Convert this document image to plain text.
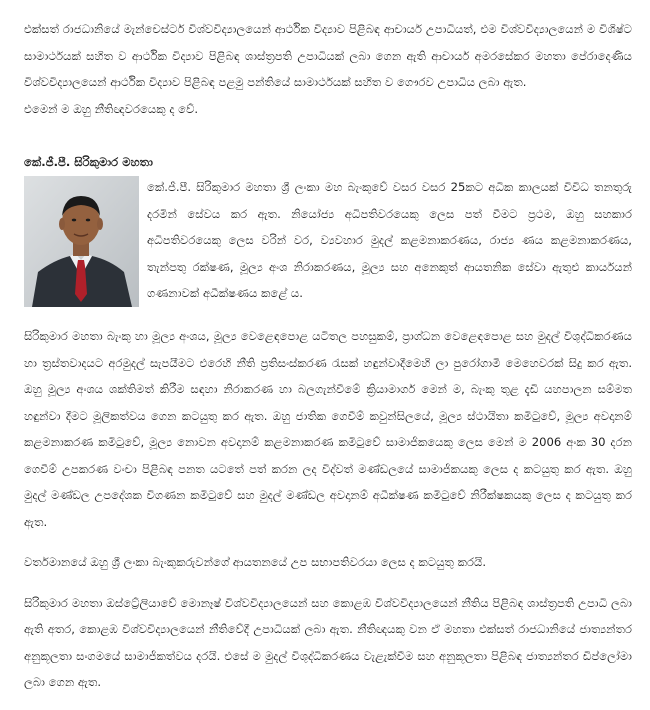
එක්සත් රාජධානියේ මැන්චෙස්ටර් විශ්වවිද්‍යාලයෙන් ආර්ථික විද්‍යාව පිළිබඳ ආචාර්ය උපාධියත්, එම විශ්වවිද්‍යාලයෙන් ම විශිෂ්ට සාමාර්ථයක් සහිත ව ආර්ථික විද්‍යාව පිළිබඳ ශාස්ත්‍රපති උපාධියක් ලබා ගෙන ඇති ආචාර්ය අමරසේකර මහතා පේරාදෙණිය විශ්වවිද්‍යාලයෙන් ආර්ථික විද්‍යාව පිළිබඳ පළමු පන්තියේ සාමාර්ථයක් සහිත ව ගෞරව උපාධිය ලබා ඇත.

එමෙන් ම ඔහු නීතිඥවරයෙකු ද වේ.

කේ.ජී.පී. සිරිකුමාර මහතා

කේ.ජී.පී. සිරිකුමාර මහතා ශ්‍රී ලංකා මහ බැංකුවේ වසර වසර 25කට අධික කාලයක් විවිධ තනතුරු දරමින් සේවය කර ඇත. නියෝජ්‍ය අධිපතිවරයෙකු ලෙස පත් වීමට ප්‍රථම, ඔහු සහකාර අධිපතිවරයෙකු ලෙස වරින් වර, ව්‍යවහාර මුදල් කළමනාකරණය, රාජ්‍ය ණය කළමනාකරණය, තැන්පතු රක්ෂණ, මූල්‍ය අංශ නිරාකරණය, මූල්‍ය සහ අනෙකුත් ආයතනික සේවා ඇතුළු කාර්යයන් ගණනාවක් අධීක්ෂණය කළේ ය.

සිරිකුමාර මහතා බැංකු හා මූල්‍ය අංශය, මූල්‍ය වෙළෙඳපොළ යටිතල පහසුකම්, ප්‍රාග්ධන වෙළෙඳපොළ සහ මුදල් විශුද්ධිකරණය හා ත්‍රස්තවාදයට අරමුදල් සැපයීමට එරෙහි නීති ප්‍රතිසංස්කරණ රැසක් හඳුන්වාදීමෙහි ලා පුරෝගාමී මෙහෙවරක් සිදු කර ඇත. ඔහු මූල්‍ය අංශය ශක්තිමත් කිරීම සඳහා නිරාකරණ හා බලගැන්වීමේ ක්‍රියාමාර්ග මෙන් ම, බැංකු තුළ දැඩි යහපාලන සම්මත හඳුන්වා දීමට මූලිකත්වය ගෙන කටයුතු කර ඇත. ඔහු ජාතික ගෙවීම් කවුන්සිලයේ, මූල්‍ය ස්ථායිතා කමිටුවේ, මූල්‍ය අවදානම් කළමනාකරණ කමිටුවේ, මූල්‍ය නොවන අවදානම් කළමනාකරණ කමිටුවේ සාමාජිකයෙකු ලෙස මෙන් ම 2006 අංක 30 දරන ගෙවීම් උපකරණ වංචා පිළිබඳ පනත යටතේ පත් කරන ලද විද්වත් මණ්ඩලයේ සාමාජිකයකු ලෙස ද කටයුතු කර ඇත. ඔහු මුදල් මණ්ඩල උපදේශක විගණන කමිටුවේ සහ මුදල් මණ්ඩල අවදානම් අධීක්ෂණ කමිටුවේ නිරීක්ෂකයකු ලෙස ද කටයුතු කර ඇත.

වර්තමානයේ ඔහු ශ්‍රී ලංකා බැංකුකරුවන්ගේ ආයතනයේ උප සභාපතිවරයා ලෙස ද කටයුතු කරයි.

සිරිකුමාර මහතා ඔස්ට්‍රේලියාවේ මොනෑෂ් විශ්වවිද්‍යාලයෙන් සහ කොළඹ විශ්වවිද්‍යාලයෙන් නීතිය පිළිබඳ ශාස්ත්‍රපති උපාධි ලබා ඇති අතර, කොළඹ විශ්වවිද්‍යාලයෙන් නීතිවේදී උපාධියක් ලබා ඇත. නීතිඥයකු වන ඒ මහතා එක්සත් රාජධානියේ ජාත්‍යන්තර අනුකූලතා සංගමයේ සාමාජිකත්වය දරයි. එසේ ම මුදල් විශුද්ධිකරණය වැළැක්වීම සහ අනුකූලතා පිළිබඳ ජාත්‍යන්තර ඩිප්ලෝමා ලබා ගෙන ඇත.
